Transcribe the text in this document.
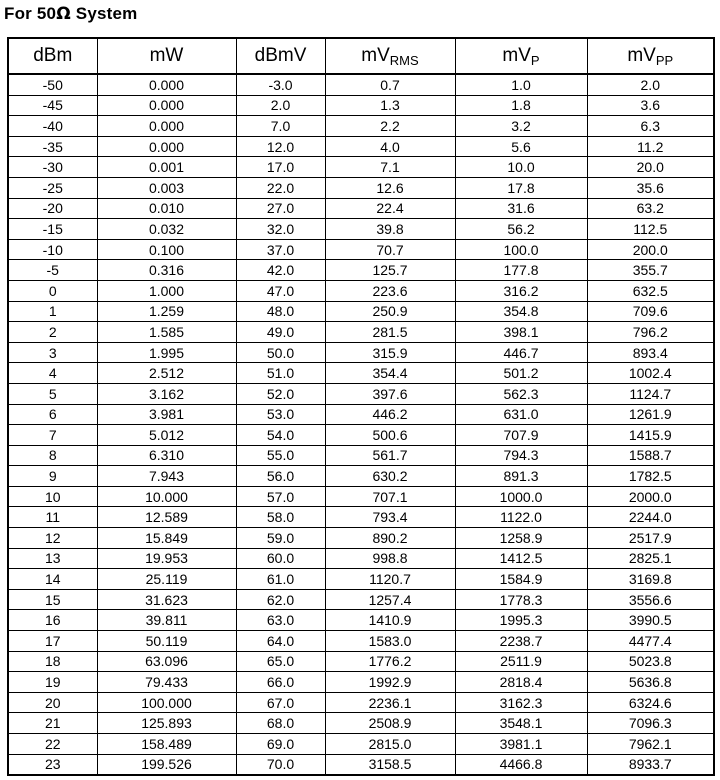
For 50Ω System
dBm	mW	dBmV	$mV_{RMS}$	$mV_P$	$mV_{PP}$
-50	0.000	-3.0	0.7	1.0	2.0
-45	0.000	2.0	1.3	1.8	3.6
-40	0.000	7.0	2.2	3.2	6.3
-35	0.000	12.0	4.0	5.6	11.2
-30	0.001	17.0	7.1	10.0	20.0
-25	0.003	22.0	12.6	17.8	35.6
-20	0.010	27.0	22.4	31.6	63.2
-15	0.032	32.0	39.8	56.2	112.5
-10	0.100	37.0	70.7	100.0	200.0
-5	0.316	42.0	125.7	177.8	355.7
0	1.000	47.0	223.6	316.2	632.5
1	1.259	48.0	250.9	354.8	709.6
2	1.585	49.0	281.5	398.1	796.2
3	1.995	50.0	315.9	446.7	893.4
4	2.512	51.0	354.4	501.2	1002.4
5	3.162	52.0	397.6	562.3	1124.7
6	3.981	53.0	446.2	631.0	1261.9
7	5.012	54.0	500.6	707.9	1415.9
8	6.310	55.0	561.7	794.3	1588.7
9	7.943	56.0	630.2	891.3	1782.5
10	10.000	57.0	707.1	1000.0	2000.0
11	12.589	58.0	793.4	1122.0	2244.0
12	15.849	59.0	890.2	1258.9	2517.9
13	19.953	60.0	998.8	1412.5	2825.1
14	25.119	61.0	1120.7	1584.9	3169.8
15	31.623	62.0	1257.4	1778.3	3556.6
16	39.811	63.0	1410.9	1995.3	3990.5
17	50.119	64.0	1583.0	2238.7	4477.4
18	63.096	65.0	1776.2	2511.9	5023.8
19	79.433	66.0	1992.9	2818.4	5636.8
20	100.000	67.0	2236.1	3162.3	6324.6
21	125.893	68.0	2508.9	3548.1	7096.3
22	158.489	69.0	2815.0	3981.1	7962.1
23	199.526	70.0	3158.5	4466.8	8933.7
